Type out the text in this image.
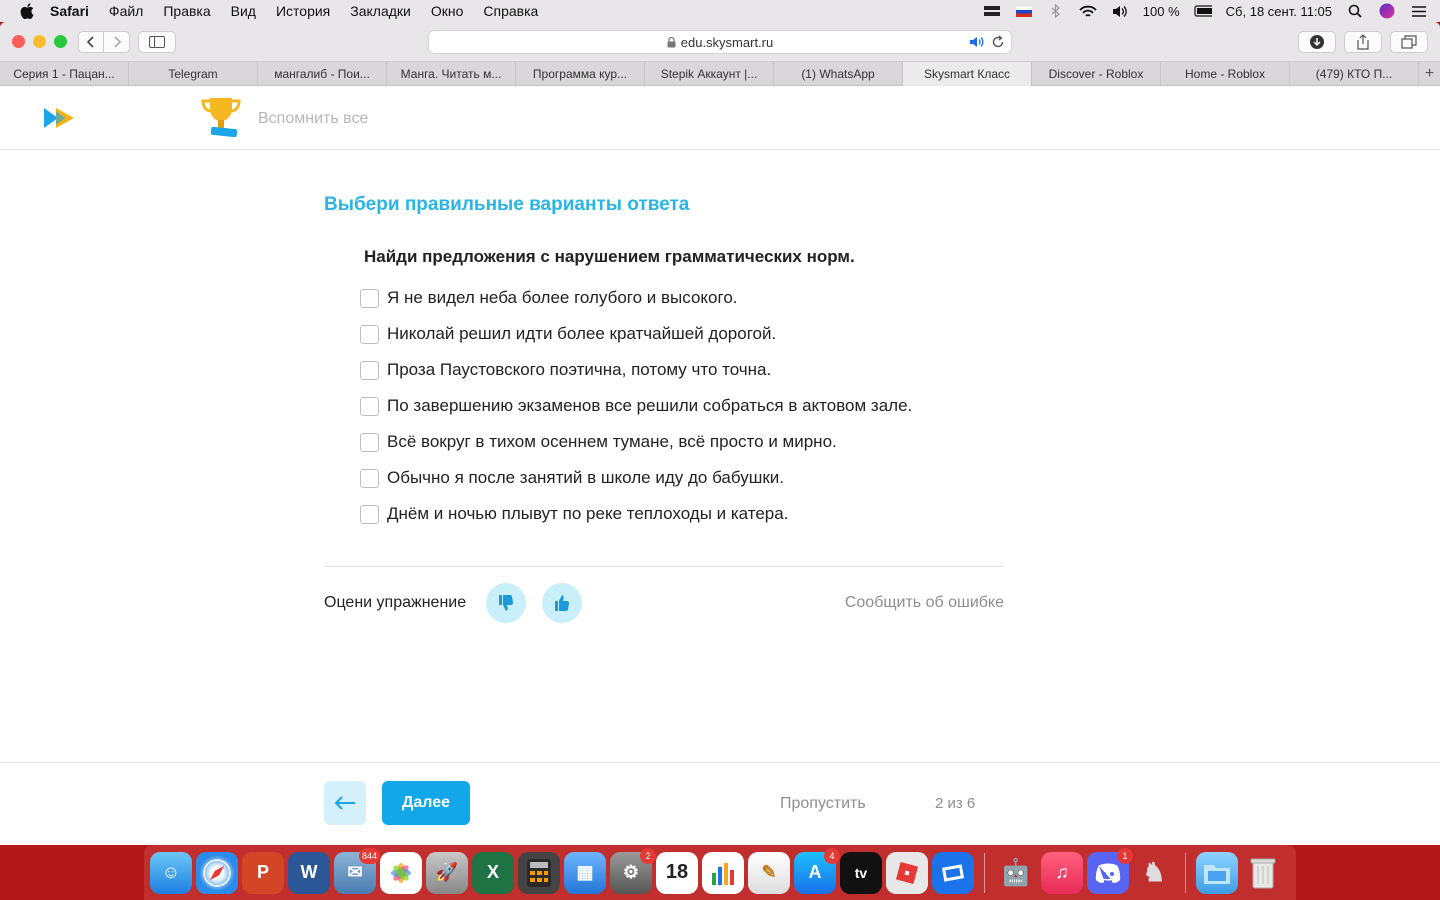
Safari Файл Правка Вид История Закладки Окно Справка	100 %	Сб, 18 сент. 11:05
edu.skysmart.ru
Серия 1 - Пацан...	Telegram	мангалиб - Пои...	Манга. Читать м...	Программа кур...	Stepik Аккаунт |...	(1) WhatsApp	Skysmart Класс	Discover - Roblox	Home - Roblox	(479) КТО П...	+
Вспомнить все
Выбери правильные варианты ответа
Найди предложения с нарушением грамматических норм.
Я не видел неба более голубого и высокого.
Николай решил идти более кратчайшей дорогой.
Проза Паустовского поэтична, потому что точна.
По завершению экзаменов все решили собраться в актовом зале.
Всё вокруг в тихом осеннем тумане, всё просто и мирно.
Обычно я после занятий в школе иду до бабушки.
Днём и ночью плывут по реке теплоходы и катера.
Оцени упражнение	Сообщить об ошибке
Далее	Пропустить	2 из 6
☺	P	W	✉
844
🚀	X	▦	⚙
2
18	✎	A
4
tv	🤖	♫
1
♞
